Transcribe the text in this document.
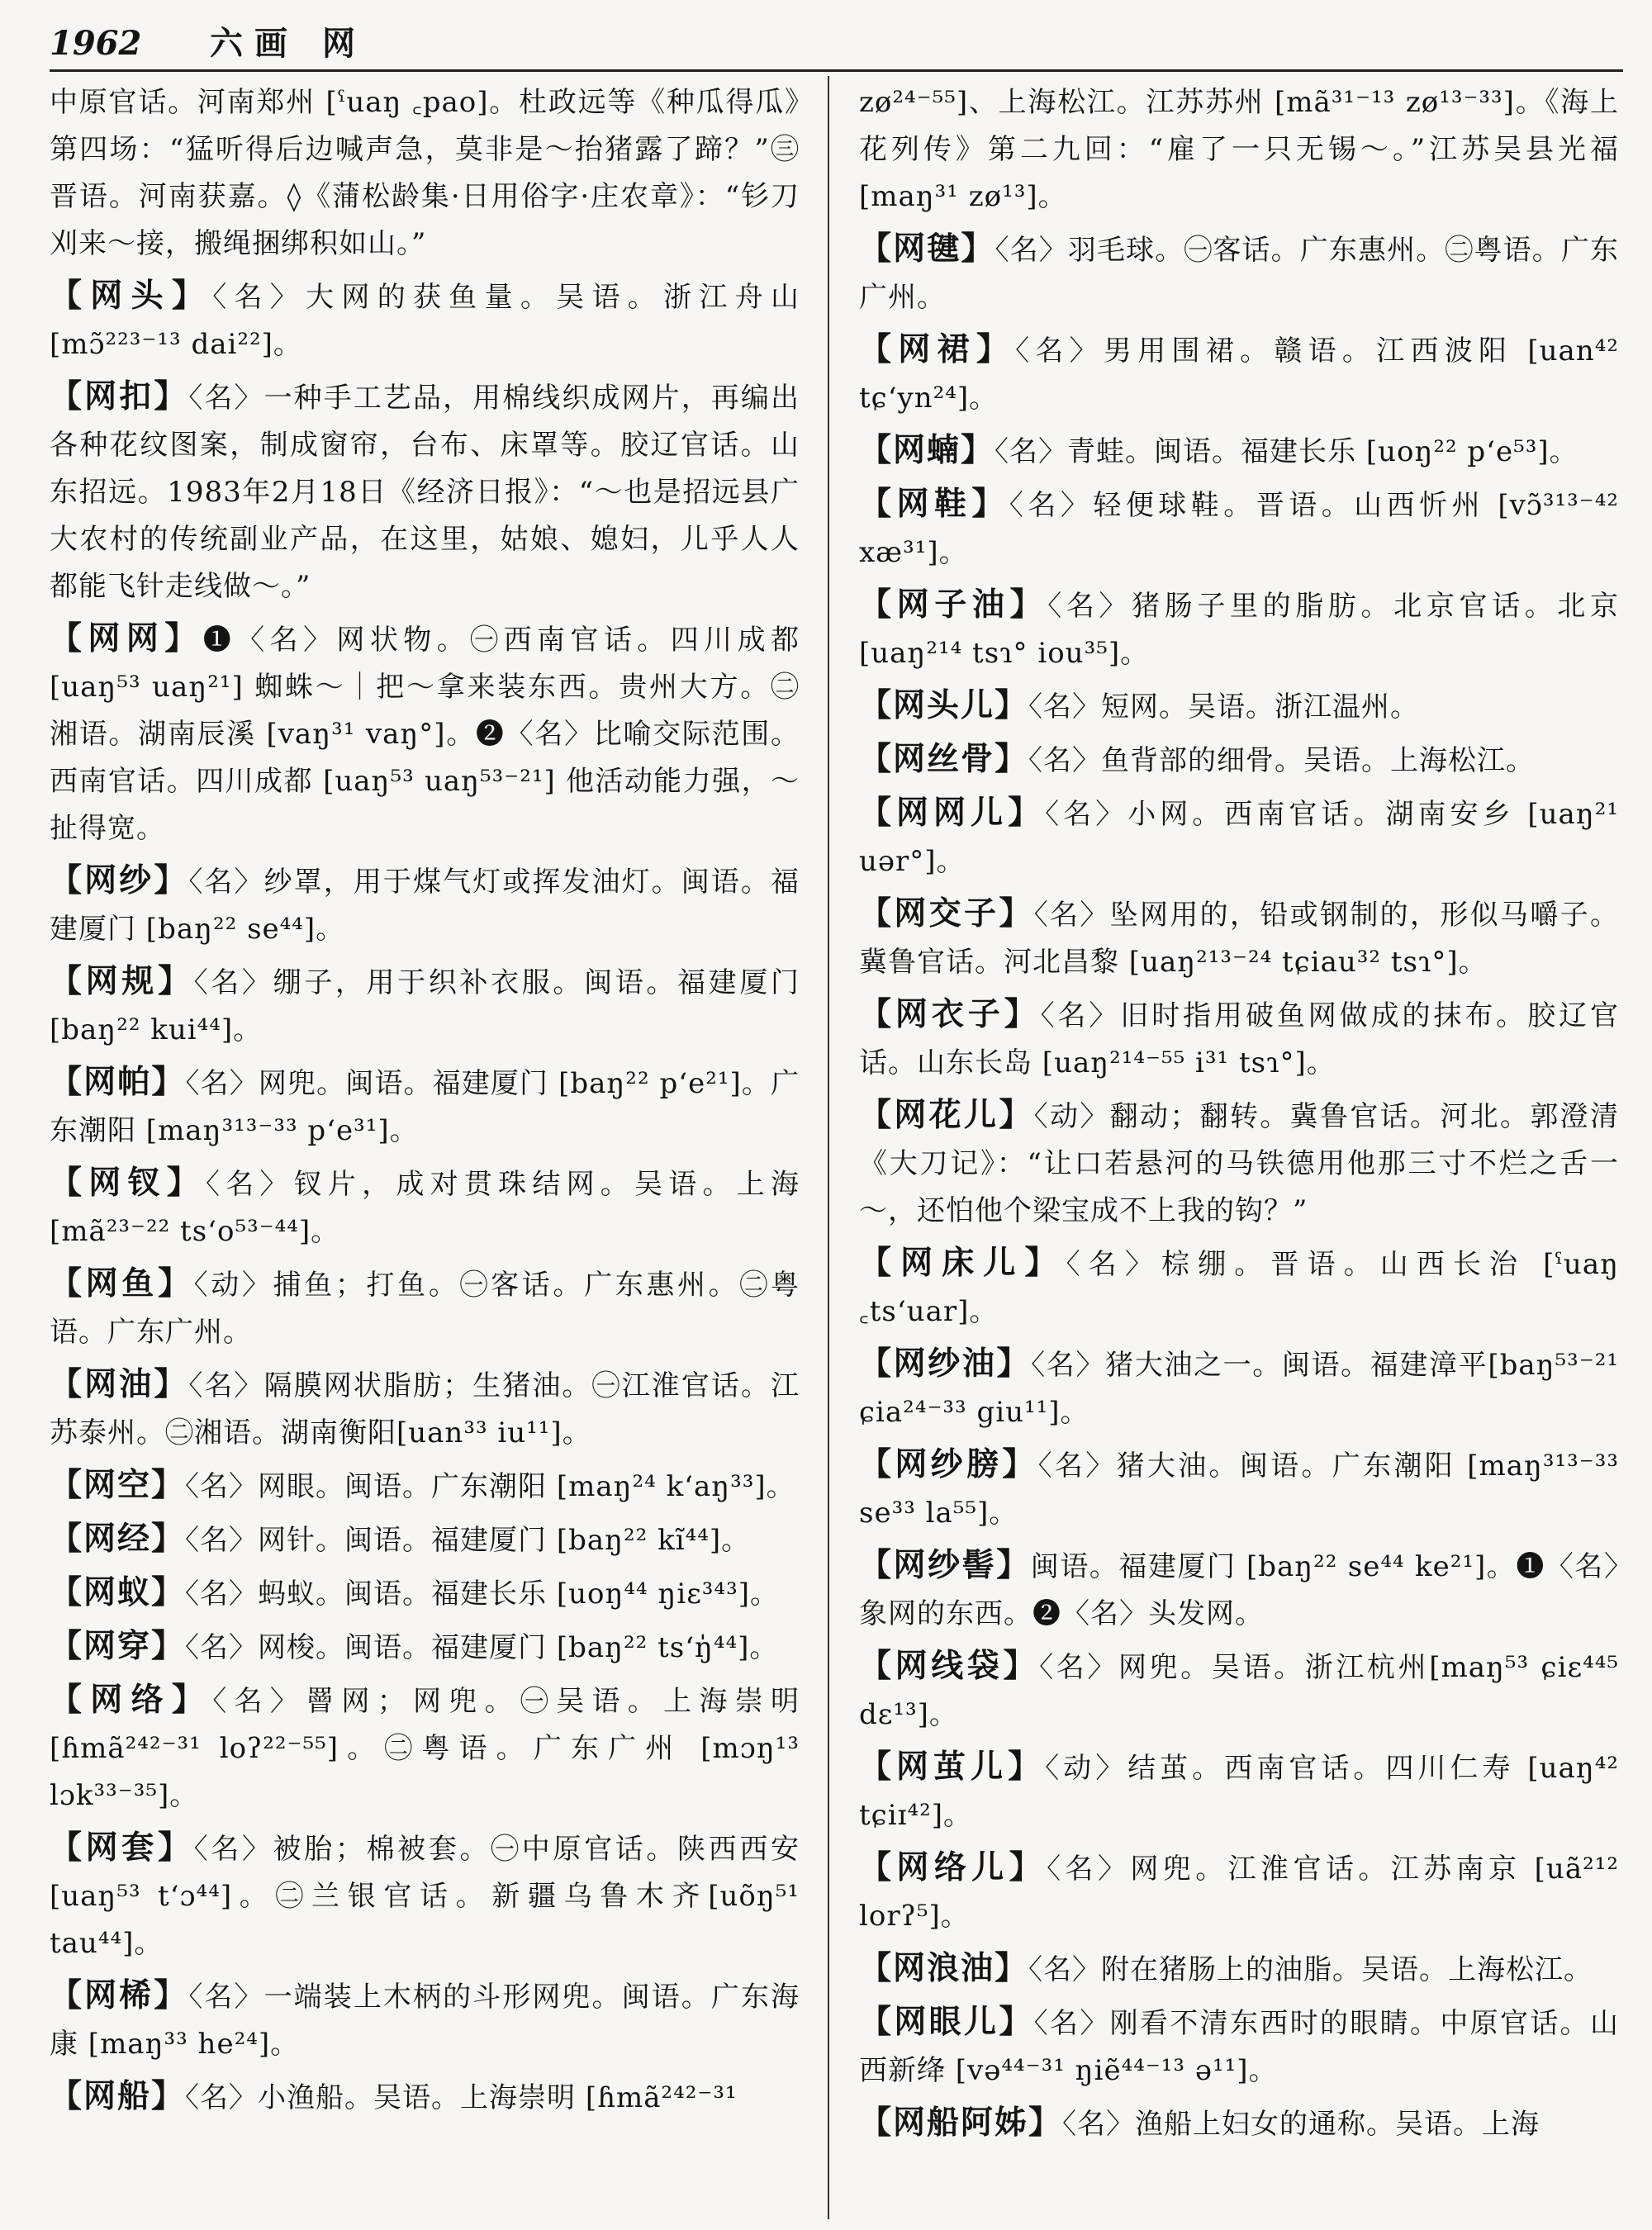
1962 六画 网

中原官话。河南郑州 [ˤuaŋ ꜀pao]。杜政远等《种瓜得瓜》第四场：“猛听得后边喊声急，莫非是～抬猪露了蹄？”㊂晋语。河南获嘉。◊《蒲松龄集·日用俗字·庄农章》：“钐刀刈来～接，搬绳捆绑积如山。”

【网头】〈名〉大网的获鱼量。吴语。浙江舟山 [mɔ̃²²³⁻¹³ dai²²]。

【网扣】〈名〉一种手工艺品，用棉线织成网片，再编出各种花纹图案，制成窗帘，台布、床罩等。胶辽官话。山东招远。1983年2月18日《经济日报》：“～也是招远县广大农村的传统副业产品，在这里，姑娘、媳妇，儿乎人人都能飞针走线做～。”

【网网】❶〈名〉网状物。㊀西南官话。四川成都 [uaŋ⁵³ uaŋ²¹] 蜘蛛～｜把～拿来装东西。贵州大方。㊁湘语。湖南辰溪 [vaŋ³¹ vaŋ°]。❷〈名〉比喻交际范围。西南官话。四川成都 [uaŋ⁵³ uaŋ⁵³⁻²¹] 他活动能力强，～扯得宽。

【网纱】〈名〉纱罩，用于煤气灯或挥发油灯。闽语。福建厦门 [baŋ²² se⁴⁴]。

【网规】〈名〉绷子，用于织补衣服。闽语。福建厦门 [baŋ²² kui⁴⁴]。

【网帕】〈名〉网兜。闽语。福建厦门 [baŋ²² p‘e²¹]。广东潮阳 [maŋ³¹³⁻³³ p‘e³¹]。

【网钗】〈名〉钗片，成对贯珠结网。吴语。上海 [mã²³⁻²² ts‘o⁵³⁻⁴⁴]。

【网鱼】〈动〉捕鱼；打鱼。㊀客话。广东惠州。㊁粤语。广东广州。

【网油】〈名〉隔膜网状脂肪；生猪油。㊀江淮官话。江苏泰州。㊁湘语。湖南衡阳[uan³³ iu¹¹]。

【网空】〈名〉网眼。闽语。广东潮阳 [maŋ²⁴ k‘aŋ³³]。

【网经】〈名〉网针。闽语。福建厦门 [baŋ²² kĩ⁴⁴]。

【网蚁】〈名〉蚂蚁。闽语。福建长乐 [uoŋ⁴⁴ ŋiɛ³⁴³]。

【网穿】〈名〉网梭。闽语。福建厦门 [baŋ²² ts‘ŋ̍⁴⁴]。

【网络】〈名〉罾网；网兜。㊀吴语。上海崇明 [ɦmã²⁴²⁻³¹ loʔ²²⁻⁵⁵]。㊁粤语。广东广州 [mɔŋ¹³ lɔk³³⁻³⁵]。

【网套】〈名〉被胎；棉被套。㊀中原官话。陕西西安 [uaŋ⁵³ t‘ɔ⁴⁴]。㊁兰银官话。新疆乌鲁木齐[uõŋ⁵¹ tau⁴⁴]。

【网桸】〈名〉一端装上木柄的斗形网兜。闽语。广东海康 [maŋ³³ he²⁴]。

【网船】〈名〉小渔船。吴语。上海崇明 [ɦmã²⁴²⁻³¹

zø²⁴⁻⁵⁵]、上海松江。江苏苏州 [mã³¹⁻¹³ zø¹³⁻³³]。《海上花列传》第二九回：“雇了一只无锡～。”江苏吴县光福 [maŋ³¹ zø¹³]。

【网毽】〈名〉羽毛球。㊀客话。广东惠州。㊁粤语。广东广州。

【网裙】〈名〉男用围裙。赣语。江西波阳 [uan⁴² tɕ‘yn²⁴]。

【网蝻】〈名〉青蛙。闽语。福建长乐 [uoŋ²² p‘e⁵³]。

【网鞋】〈名〉轻便球鞋。晋语。山西忻州 [vɔ̃³¹³⁻⁴² xæ³¹]。

【网子油】〈名〉猪肠子里的脂肪。北京官话。北京 [uaŋ²¹⁴ tsɿ° iou³⁵]。

【网头儿】〈名〉短网。吴语。浙江温州。

【网丝骨】〈名〉鱼背部的细骨。吴语。上海松江。

【网网儿】〈名〉小网。西南官话。湖南安乡 [uaŋ²¹ uər°]。

【网交子】〈名〉坠网用的，铅或钢制的，形似马嚼子。冀鲁官话。河北昌黎 [uaŋ²¹³⁻²⁴ tɕiau³² tsɿ°]。

【网衣子】〈名〉旧时指用破鱼网做成的抹布。胶辽官话。山东长岛 [uaŋ²¹⁴⁻⁵⁵ i³¹ tsɿ°]。

【网花儿】〈动〉翻动；翻转。冀鲁官话。河北。郭澄清《大刀记》：“让口若悬河的马铁德用他那三寸不烂之舌一～，还怕他个梁宝成不上我的钩？”

【网床儿】〈名〉棕绷。晋语。山西长治 [ˤuaŋ ꜀ts‘uar]。

【网纱油】〈名〉猪大油之一。闽语。福建漳平[baŋ⁵³⁻²¹ ɕia²⁴⁻³³ giu¹¹]。

【网纱膀】〈名〉猪大油。闽语。广东潮阳 [maŋ³¹³⁻³³ se³³ la⁵⁵]。

【网纱髻】闽语。福建厦门 [baŋ²² se⁴⁴ ke²¹]。❶〈名〉象网的东西。❷〈名〉头发网。

【网线袋】〈名〉网兜。吴语。浙江杭州[maŋ⁵³ ɕiɛ⁴⁴⁵ dɛ¹³]。

【网茧儿】〈动〉结茧。西南官话。四川仁寿 [uaŋ⁴² tɕiɪ⁴²]。

【网络儿】〈名〉网兜。江淮官话。江苏南京 [uã²¹² lorʔ⁵]。

【网浪油】〈名〉附在猪肠上的油脂。吴语。上海松江。

【网眼儿】〈名〉刚看不清东西时的眼睛。中原官话。山西新绛 [və⁴⁴⁻³¹ ŋiẽ⁴⁴⁻¹³ ə¹¹]。

【网船阿姊】〈名〉渔船上妇女的通称。吴语。上海
